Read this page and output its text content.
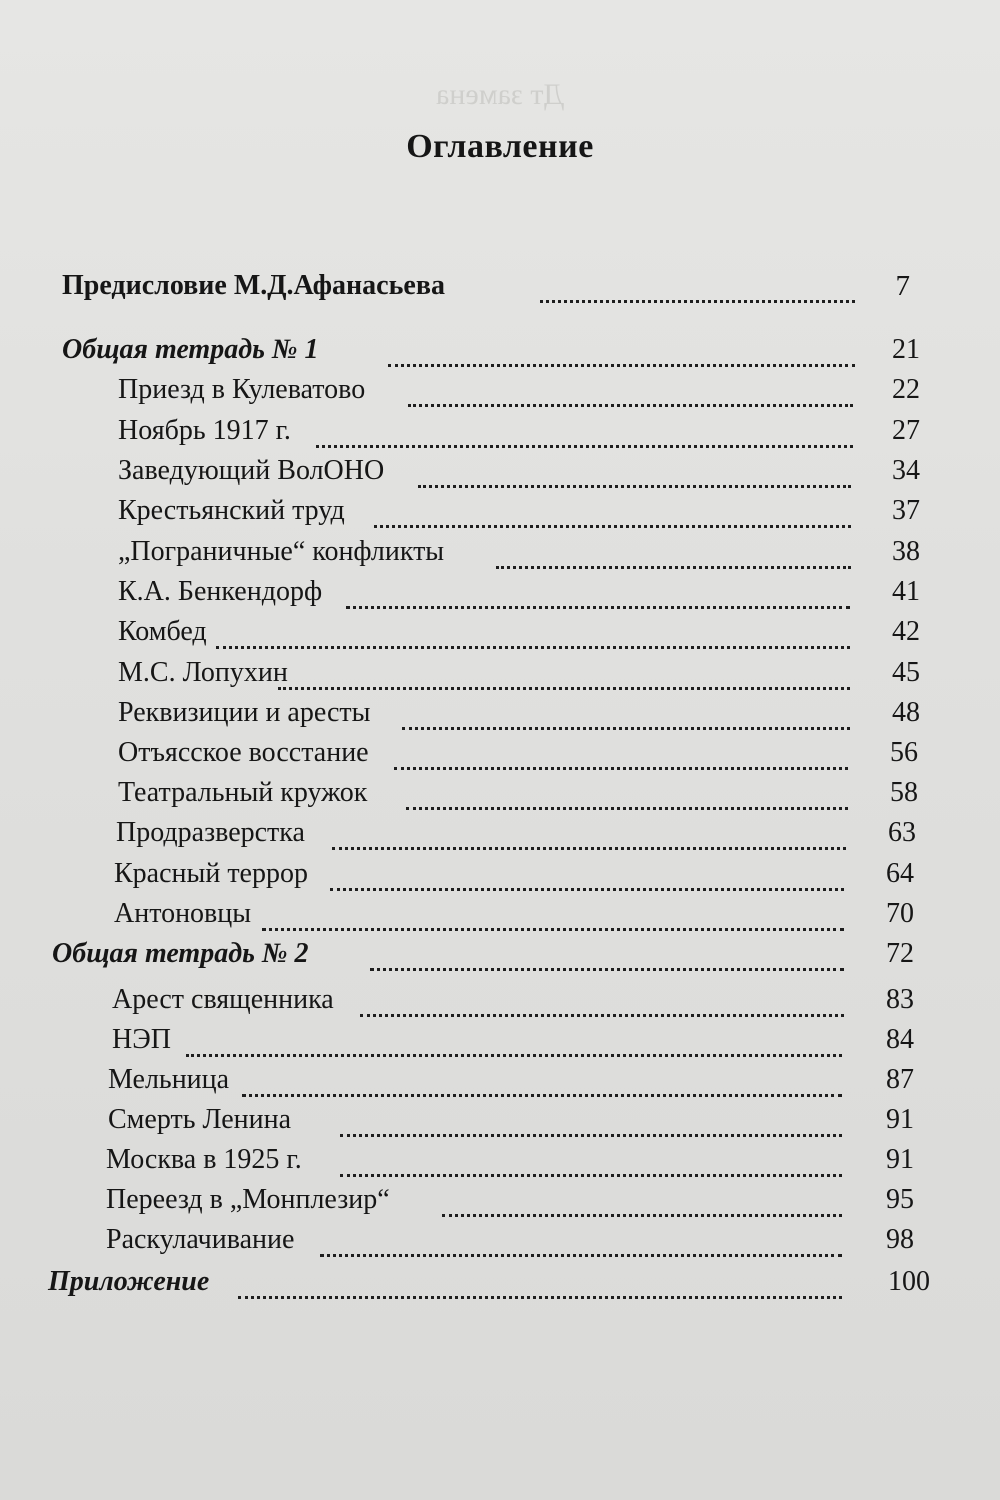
Дт замена
Оглавление
Предисловие М.Д.Афанасьева	7
Общая тетрадь № 1	21
Приезд в Кулеватово	22
Ноябрь 1917 г.	27
Заведующий ВолОНО	34
Крестьянский труд	37
„Пограничные“ конфликты	38
К.А. Бенкендорф	41
Комбед	42
М.С. Лопухин	45
Реквизиции и аресты	48
Отъясское восстание	56
Театральный кружок	58
Продразверстка	63
Красный террор	64
Антоновцы	70
Общая тетрадь № 2	72
Арест священника	83
НЭП	84
Мельница	87
Смерть Ленина	91
Москва в 1925 г.	91
Переезд в „Монплезир“	95
Раскулачивание	98
Приложение	100
